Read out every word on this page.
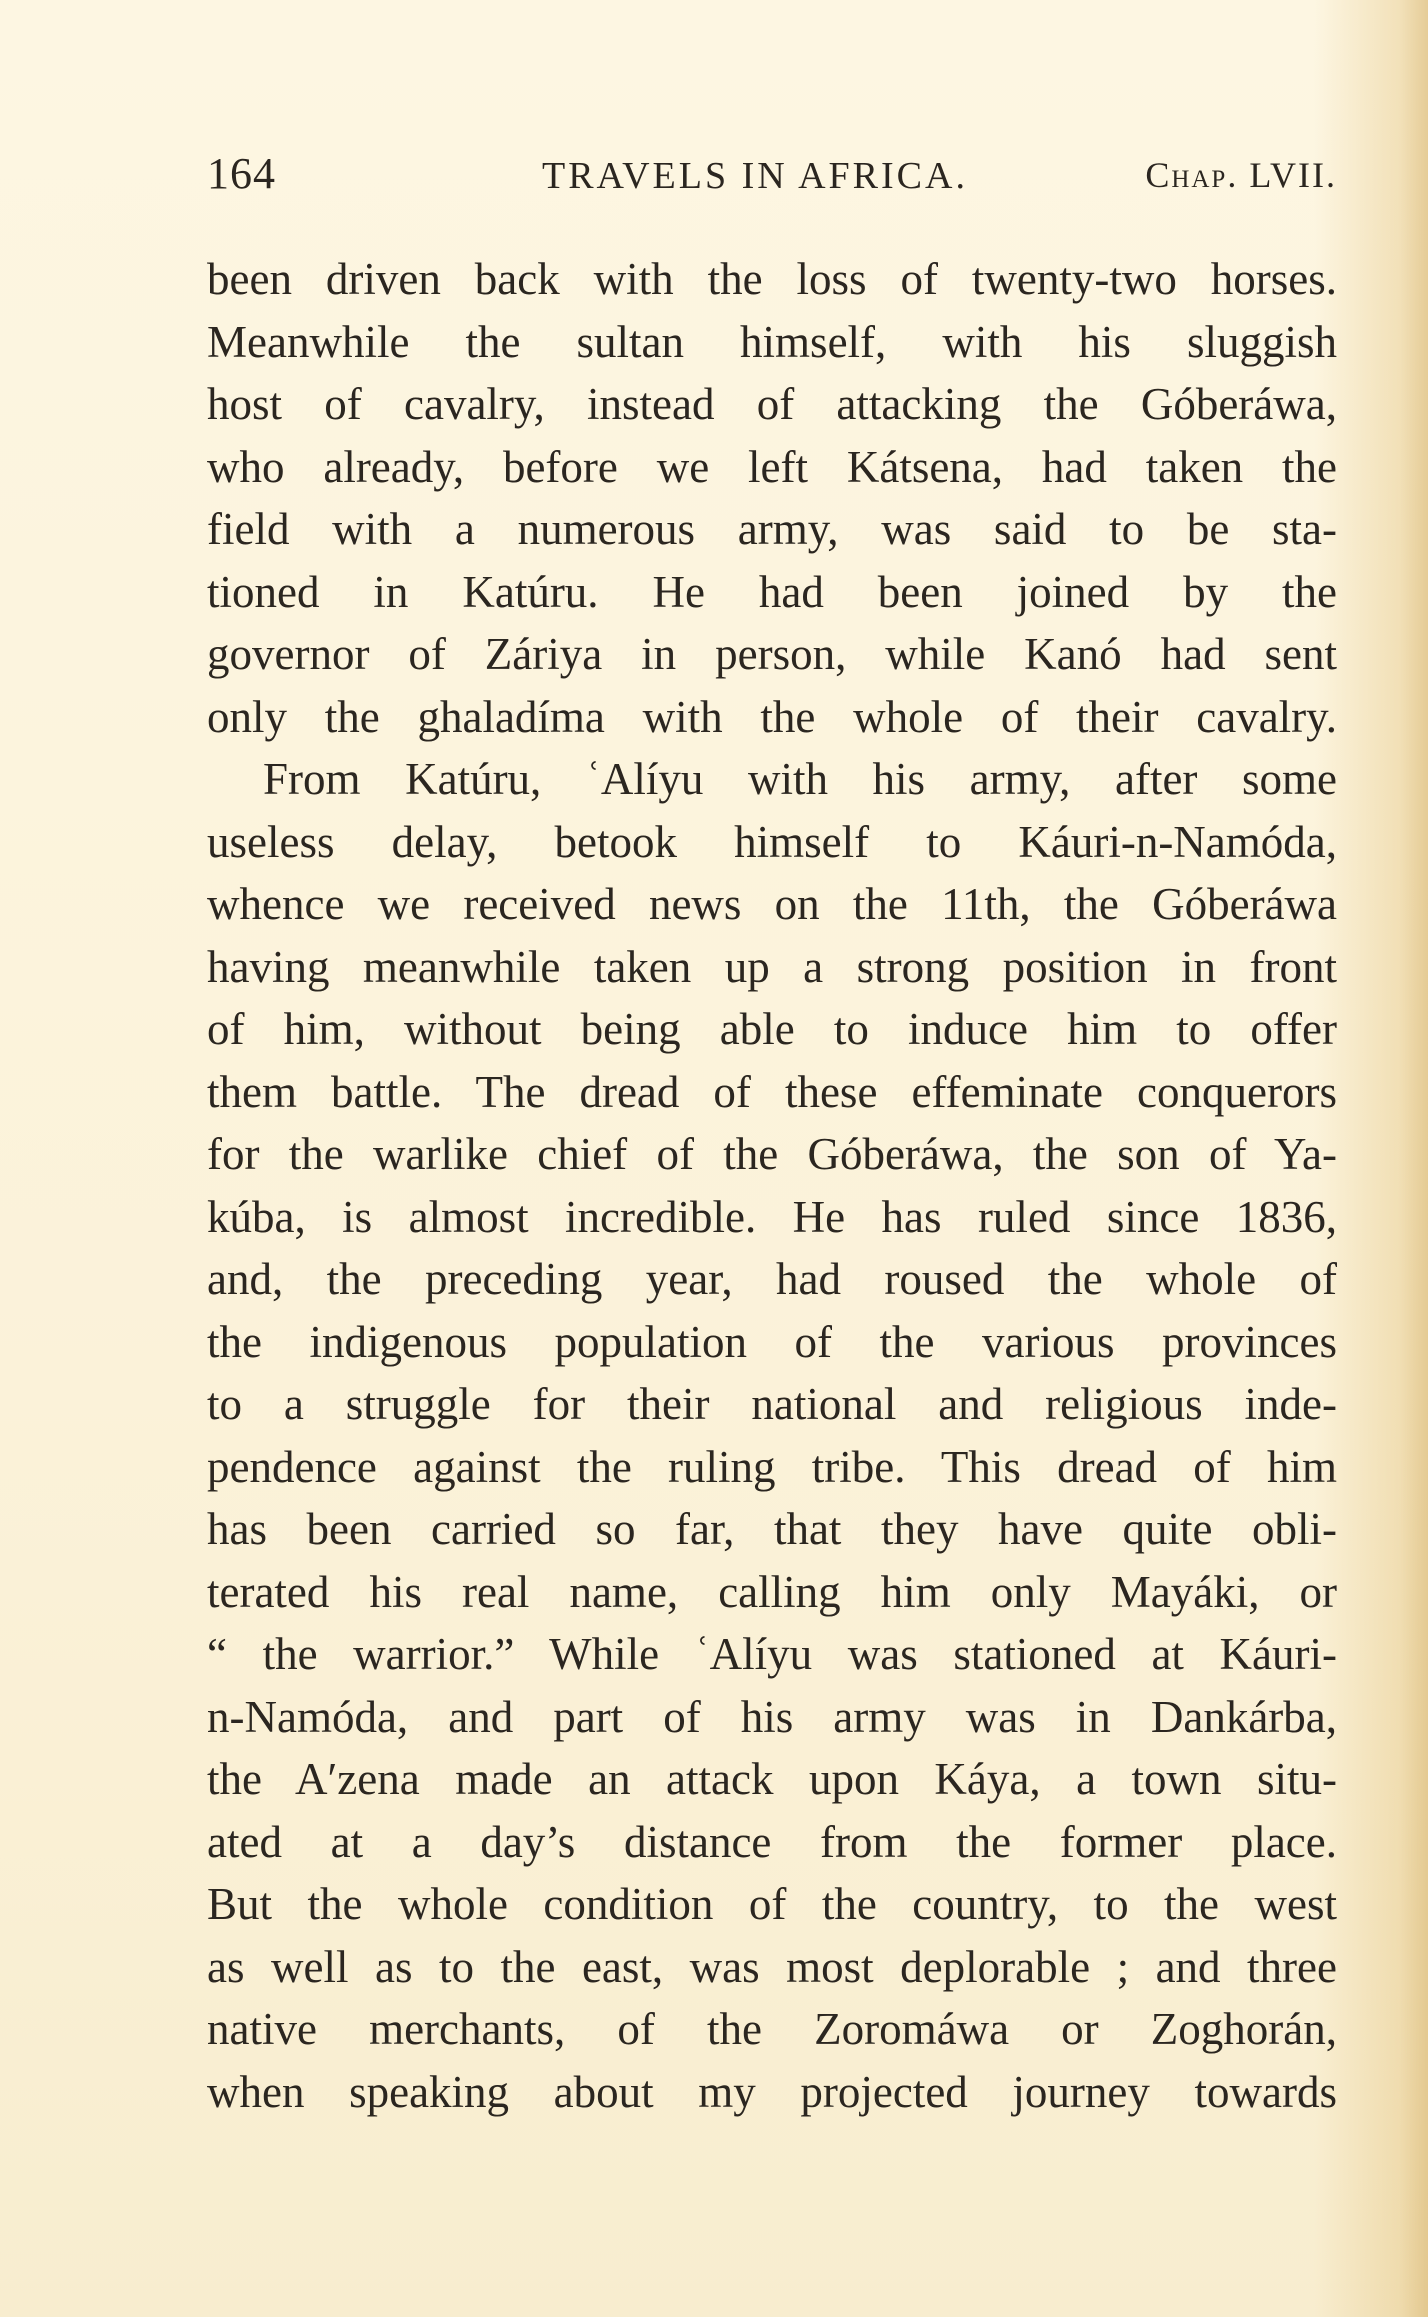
164	TRAVELS IN AFRICA.	Chap. LVII.
been driven back with the loss of twenty-two horses.
Meanwhile the sultan himself, with his sluggish
host of cavalry, instead of attacking the Góberáwa,
who already, before we left Kátsena, had taken the
field with a numerous army, was said to be sta-
tioned in Katúru. He had been joined by the
governor of Záriya in person, while Kanó had sent
only the ghaladíma with the whole of their cavalry.
From Katúru, ʿAlíyu with his army, after some
useless delay, betook himself to Káuri-n-Namóda,
whence we received news on the 11th, the Góberáwa
having meanwhile taken up a strong position in front
of him, without being able to induce him to offer
them battle. The dread of these effeminate conquerors
for the warlike chief of the Góberáwa, the son of Ya-
kúba, is almost incredible. He has ruled since 1836,
and, the preceding year, had roused the whole of
the indigenous population of the various provinces
to a struggle for their national and religious inde-
pendence against the ruling tribe. This dread of him
has been carried so far, that they have quite obli-
terated his real name, calling him only Mayáki, or
“ the warrior.” While ʿAlíyu was stationed at Káuri-
n-Namóda, and part of his army was in Dankárba,
the A′zena made an attack upon Káya, a town situ-
ated at a day’s distance from the former place.
But the whole condition of the country, to the west
as well as to the east, was most deplorable ; and three
native merchants, of the Zoromáwa or Zoghorán,
when speaking about my projected journey towards
